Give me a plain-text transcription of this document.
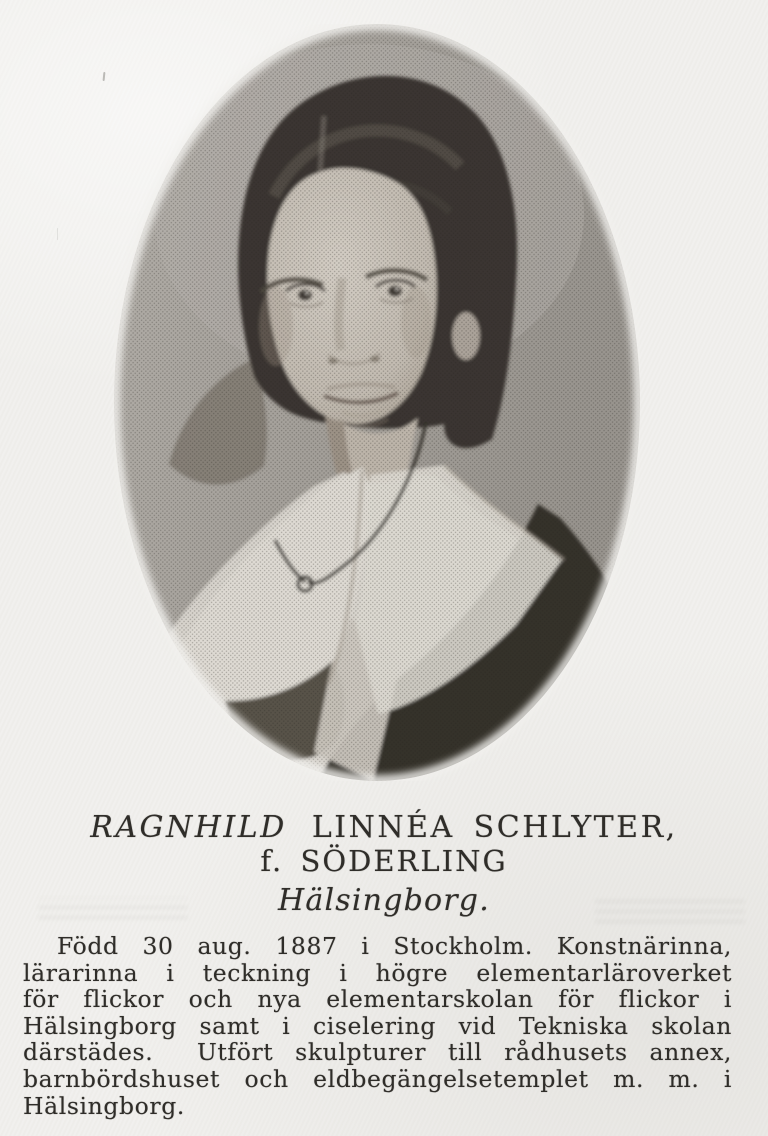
RAGNHILD LINNÉA SCHLYTER,
f. SÖDERLING
Hälsingborg.
Född 30 aug. 1887 i Stockholm. Konstnärinna,
lärarinna i teckning i högre elementarläroverket
för flickor och nya elementarskolan för flickor i
Hälsingborg samt i ciselering vid Tekniska skolan
därstädes.  Utfört skulpturer till rådhusets annex,
barnbördshuset och eldbegängelsetemplet m. m. i
Hälsingborg.
